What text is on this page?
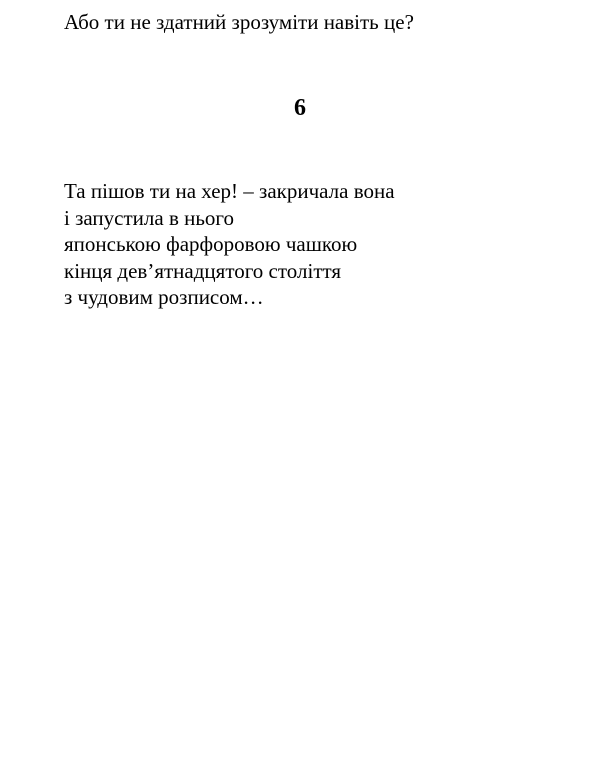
Або ти не здатний зрозуміти навіть це?
6
Та пішов ти на хер! – закричала вона
і запустила в нього
японською фарфоровою чашкою
кінця дев’ятнадцятого століття
з чудовим розписом…
